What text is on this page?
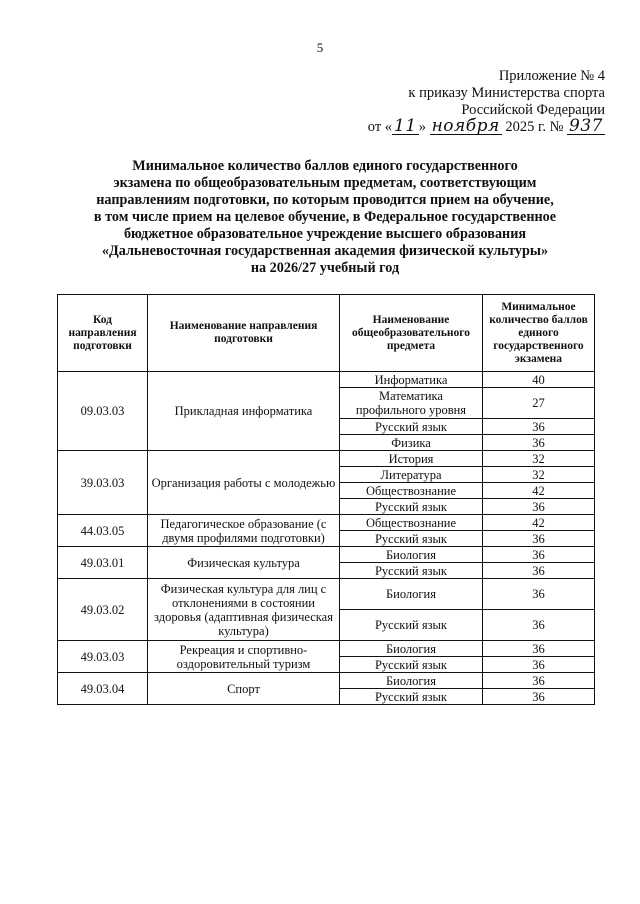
5
Приложение № 4
к приказу Министерства спорта
Российской Федерации
от « 11 »
ноября
2025 г. №
937
Минимальное количество баллов единого государственного
экзамена по общеобразовательным предметам, соответствующим
направлениям подготовки, по которым проводится прием на обучение,
в том числе прием на целевое обучение, в Федеральное государственное
бюджетное образовательное учреждение высшего образования
«Дальневосточная государственная академия физической культуры»
на 2026/27 учебный год
Код направления подготовки	Наименование направления подготовки	Наименование общеобразовательного предмета	Минимальное количество баллов единого государственного экзамена
09.03.03	Прикладная информатика	Информатика	40
		Математика профильного уровня	27
		Русский язык	36
		Физика	36
39.03.03	Организация работы с молодежью	История	32
		Литература	32
		Обществознание	42
		Русский язык	36
44.03.05	Педагогическое образование (с двумя профилями подготовки)	Обществознание	42
		Русский язык	36
49.03.01	Физическая культура	Биология	36
		Русский язык	36
49.03.02	Физическая культура для лиц с отклонениями в состоянии здоровья (адаптивная физическая культура)	Биология	36
		Русский язык	36
49.03.03	Рекреация и спортивно-оздоровительный туризм	Биология	36
		Русский язык	36
49.03.04	Спорт	Биология	36
		Русский язык	36
